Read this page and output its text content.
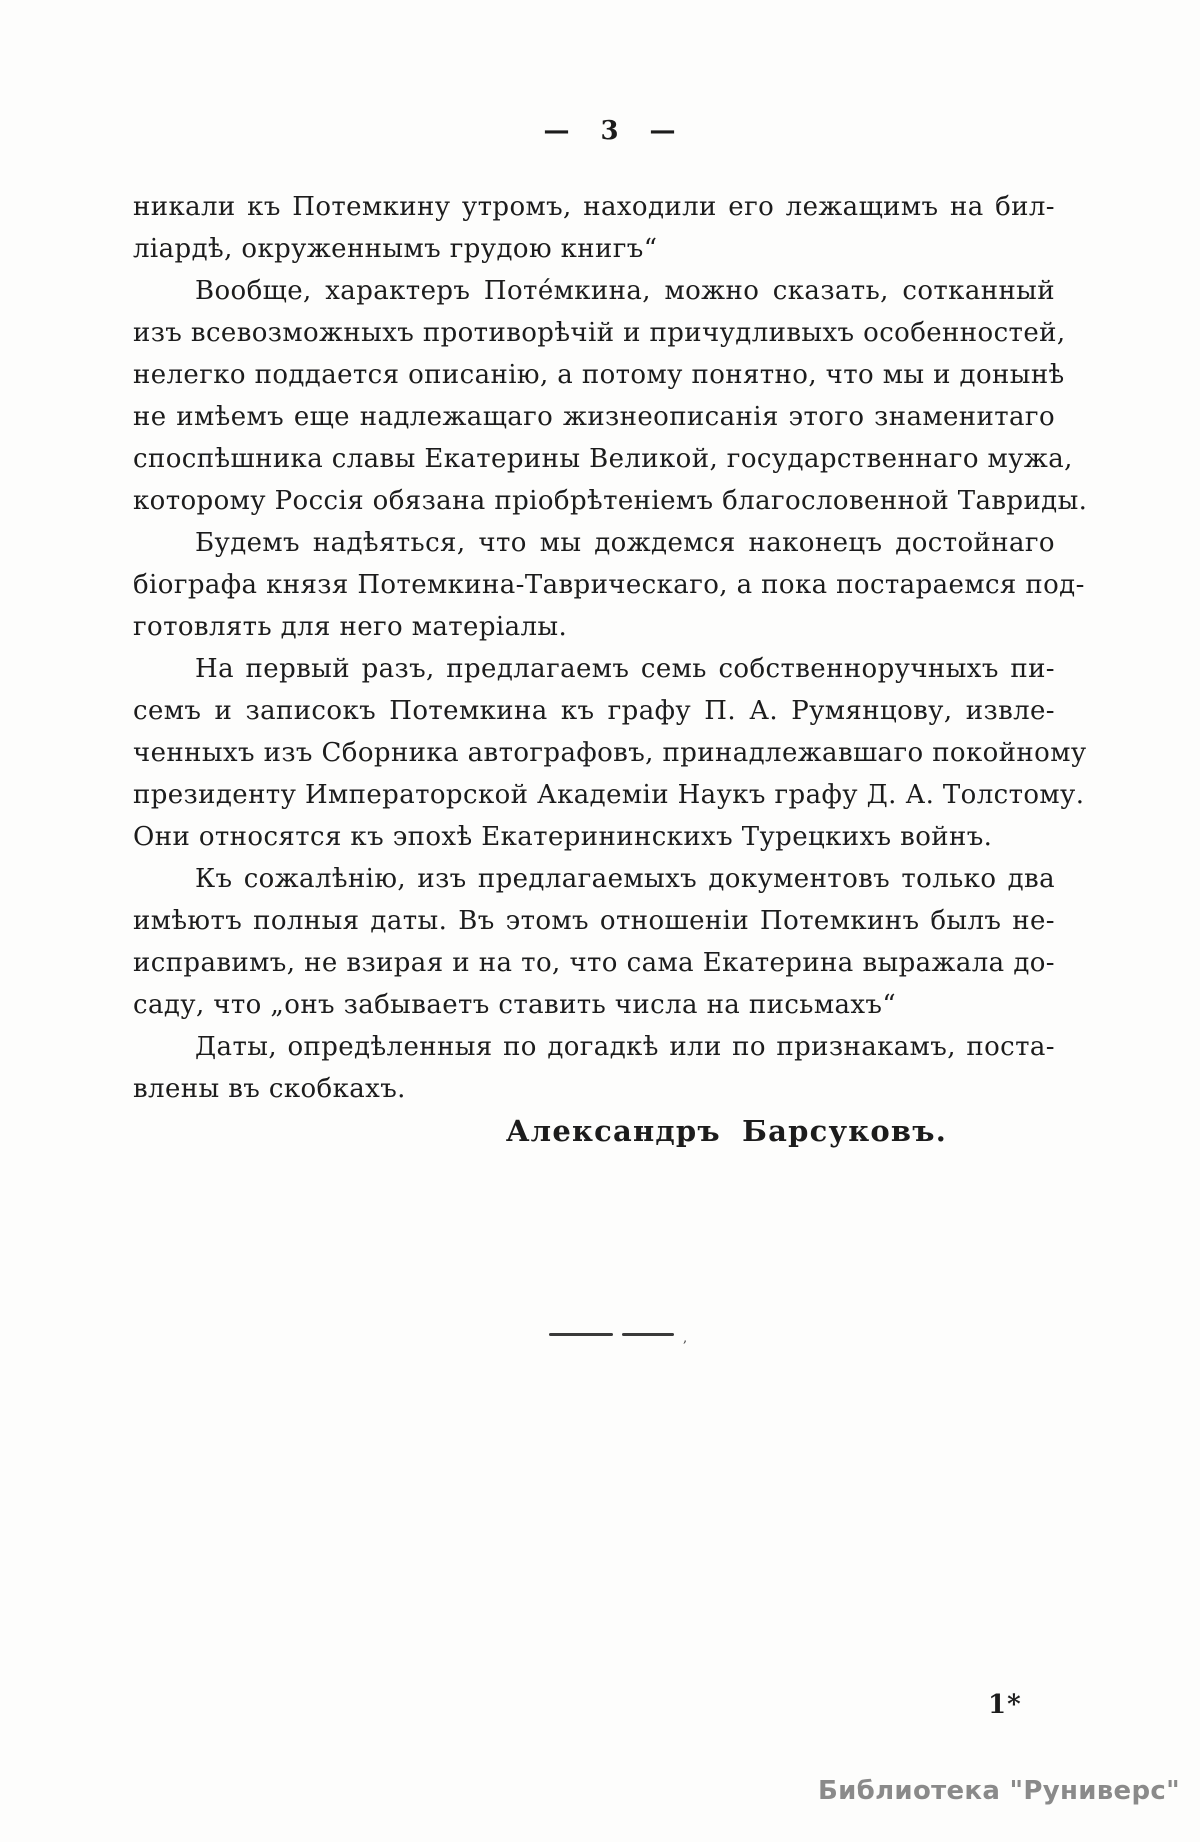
— 3 —
никали къ Потемкину утромъ, находили его лежащимъ на бил-
ліардѣ, окруженнымъ грудою книгъ“
Вообще, характеръ Поте́мкина, можно сказать, сотканный
изъ всевозможныхъ противорѣчій и причудливыхъ особенностей,
нелегко поддается описанію, а потому понятно, что мы и донынѣ
не имѣемъ еще надлежащаго жизнеописанія этого знаменитаго
споспѣшника славы Екатерины Великой, государственнаго мужа,
которому Россія обязана пріобрѣтеніемъ благословенной Тавриды.
Будемъ надѣяться, что мы дождемся наконецъ достойнаго
біографа князя Потемкина-Таврическаго, а пока постараемся под-
готовлять для него матеріалы.
На первый разъ, предлагаемъ семь собственноручныхъ пи-
семъ и записокъ Потемкина къ графу П. А. Румянцову, извле-
ченныхъ изъ Сборника автографовъ, принадлежавшаго покойному
президенту Императорской Академіи Наукъ графу Д. А. Толстому.
Они относятся къ эпохѣ Екатерининскихъ Турецкихъ войнъ.
Къ сожалѣнію, изъ предлагаемыхъ документовъ только два
имѣютъ полныя даты. Въ этомъ отношеніи Потемкинъ былъ не-
исправимъ, не взирая и на то, что сама Екатерина выражала до-
саду, что „онъ забываетъ ставить числа на письмахъ“
Даты, опредѣленныя по догадкѣ или по признакамъ, поста-
влены въ скобкахъ.
Александръ Барсуковъ.
,
1*
Библиотека "Руниверс"
